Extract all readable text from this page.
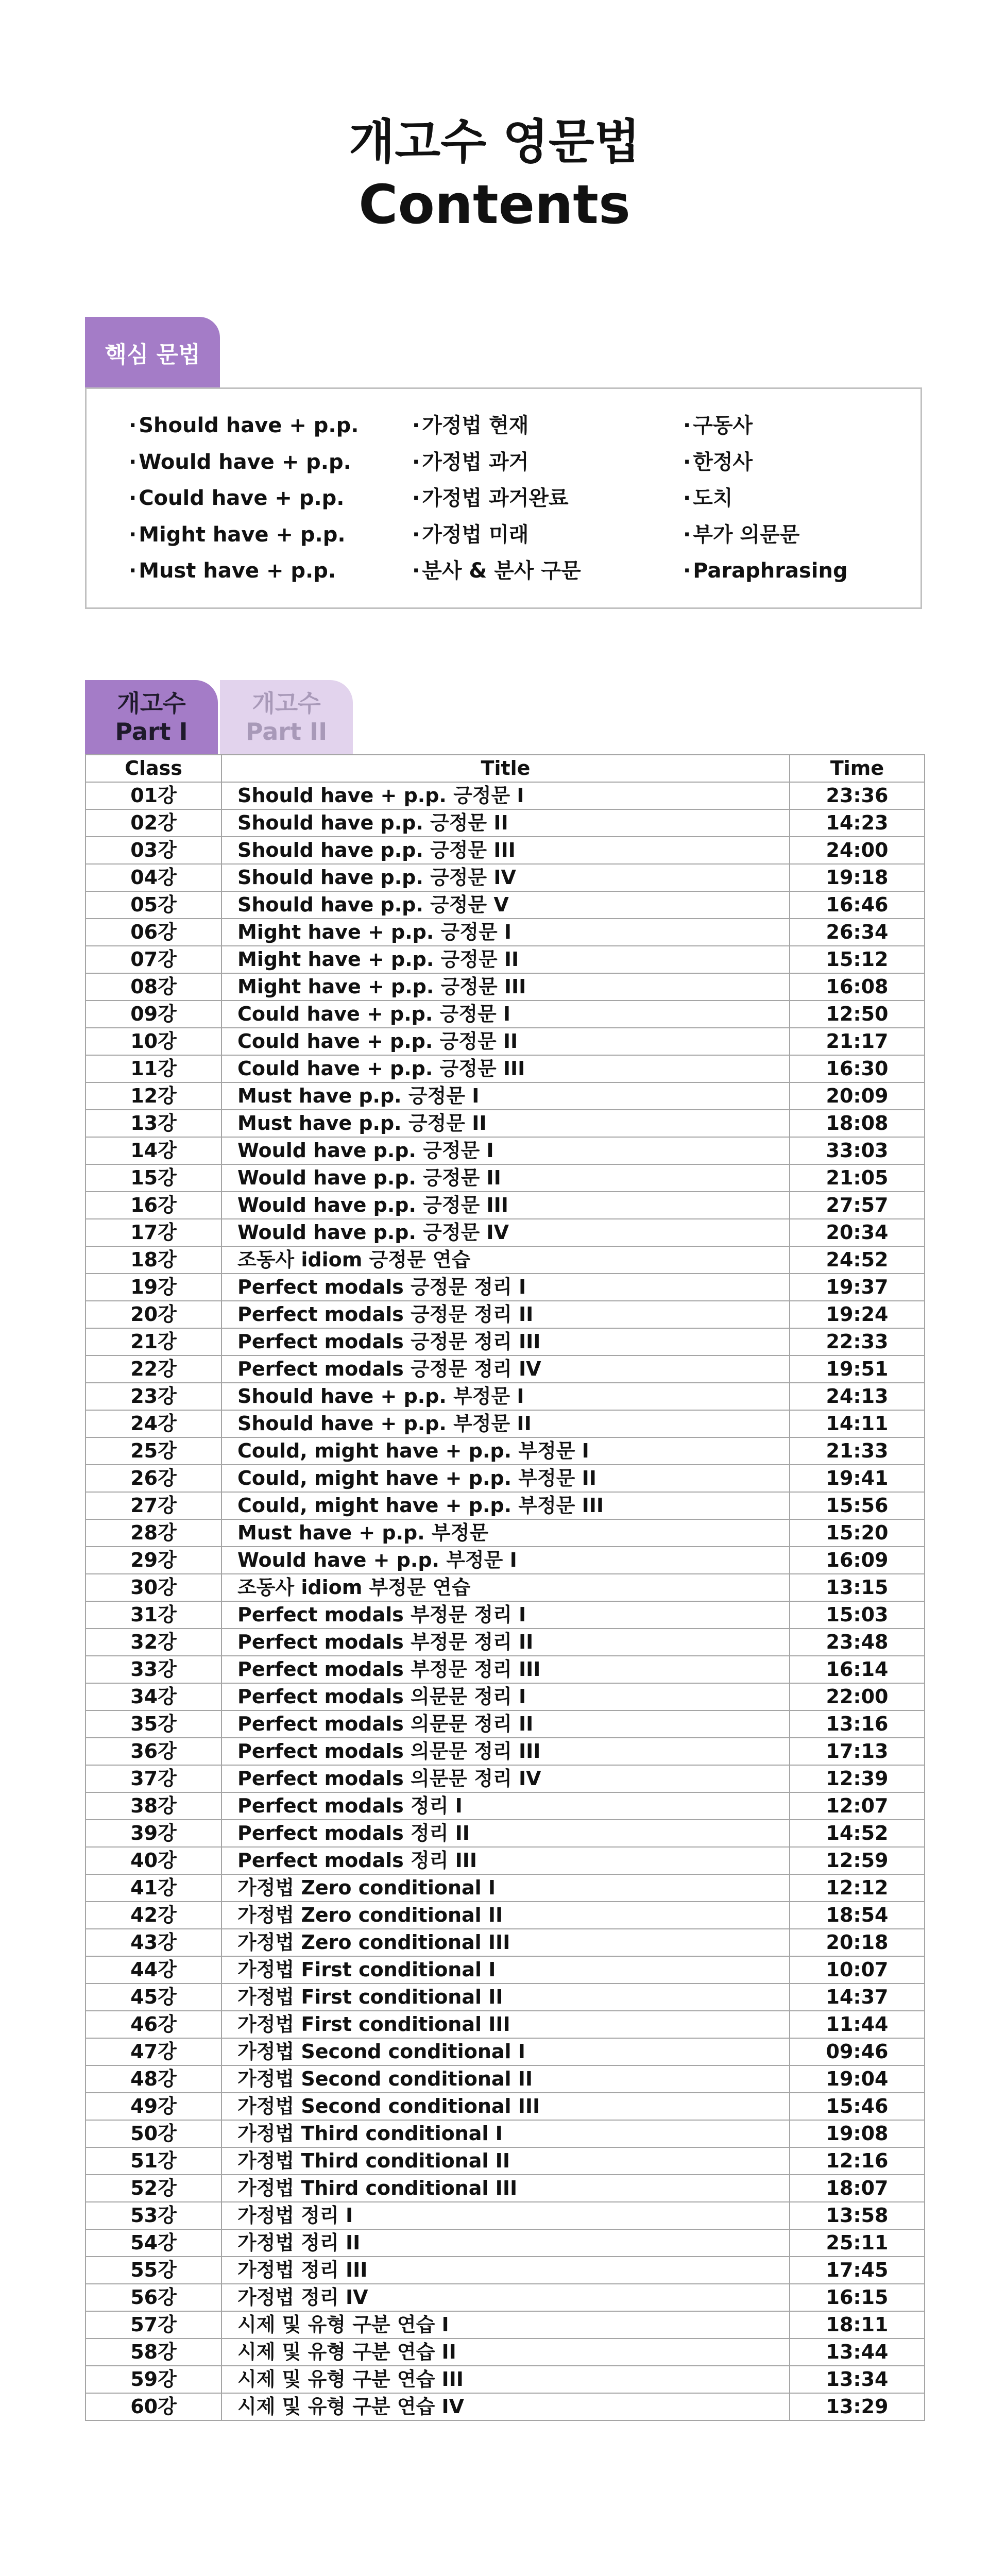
개고수 영문법
Contents
핵심 문법
· Should have + p.p.
· Would have + p.p.
· Could have + p.p.
· Might have + p.p.
· Must have + p.p.
· 가정법 현재
· 가정법 과거
· 가정법 과거완료
· 가정법 미래
· 분사 & 분사 구문
· 구동사
· 한정사
· 도치
· 부가 의문문
· Paraphrasing
개고수
Part I
개고수
Part II
Class	Title	Time
01강	Should have + p.p. 긍정문 I	23:36
02강	Should have p.p. 긍정문 II	14:23
03강	Should have p.p. 긍정문 III	24:00
04강	Should have p.p. 긍정문 IV	19:18
05강	Should have p.p. 긍정문 V	16:46
06강	Might have + p.p. 긍정문 I	26:34
07강	Might have + p.p. 긍정문 II	15:12
08강	Might have + p.p. 긍정문 III	16:08
09강	Could have + p.p. 긍정문 I	12:50
10강	Could have + p.p. 긍정문 II	21:17
11강	Could have + p.p. 긍정문 III	16:30
12강	Must have p.p. 긍정문 I	20:09
13강	Must have p.p. 긍정문 II	18:08
14강	Would have p.p. 긍정문 I	33:03
15강	Would have p.p. 긍정문 II	21:05
16강	Would have p.p. 긍정문 III	27:57
17강	Would have p.p. 긍정문 IV	20:34
18강	조동사 idiom 긍정문 연습	24:52
19강	Perfect modals 긍정문 정리 I	19:37
20강	Perfect modals 긍정문 정리 II	19:24
21강	Perfect modals 긍정문 정리 III	22:33
22강	Perfect modals 긍정문 정리 IV	19:51
23강	Should have + p.p. 부정문 I	24:13
24강	Should have + p.p. 부정문 II	14:11
25강	Could, might have + p.p. 부정문 I	21:33
26강	Could, might have + p.p. 부정문 II	19:41
27강	Could, might have + p.p. 부정문 III	15:56
28강	Must have + p.p. 부정문	15:20
29강	Would have + p.p. 부정문 I	16:09
30강	조동사 idiom 부정문 연습	13:15
31강	Perfect modals 부정문 정리 I	15:03
32강	Perfect modals 부정문 정리 II	23:48
33강	Perfect modals 부정문 정리 III	16:14
34강	Perfect modals 의문문 정리 I	22:00
35강	Perfect modals 의문문 정리 II	13:16
36강	Perfect modals 의문문 정리 III	17:13
37강	Perfect modals 의문문 정리 IV	12:39
38강	Perfect modals 정리 I	12:07
39강	Perfect modals 정리 II	14:52
40강	Perfect modals 정리 III	12:59
41강	가정법 Zero conditional I	12:12
42강	가정법 Zero conditional II	18:54
43강	가정법 Zero conditional III	20:18
44강	가정법 First conditional I	10:07
45강	가정법 First conditional II	14:37
46강	가정법 First conditional III	11:44
47강	가정법 Second conditional I	09:46
48강	가정법 Second conditional II	19:04
49강	가정법 Second conditional III	15:46
50강	가정법 Third conditional I	19:08
51강	가정법 Third conditional II	12:16
52강	가정법 Third conditional III	18:07
53강	가정법 정리 I	13:58
54강	가정법 정리 II	25:11
55강	가정법 정리 III	17:45
56강	가정법 정리 IV	16:15
57강	시제 및 유형 구분 연습 I	18:11
58강	시제 및 유형 구분 연습 II	13:44
59강	시제 및 유형 구분 연습 III	13:34
60강	시제 및 유형 구분 연습 IV	13:29
